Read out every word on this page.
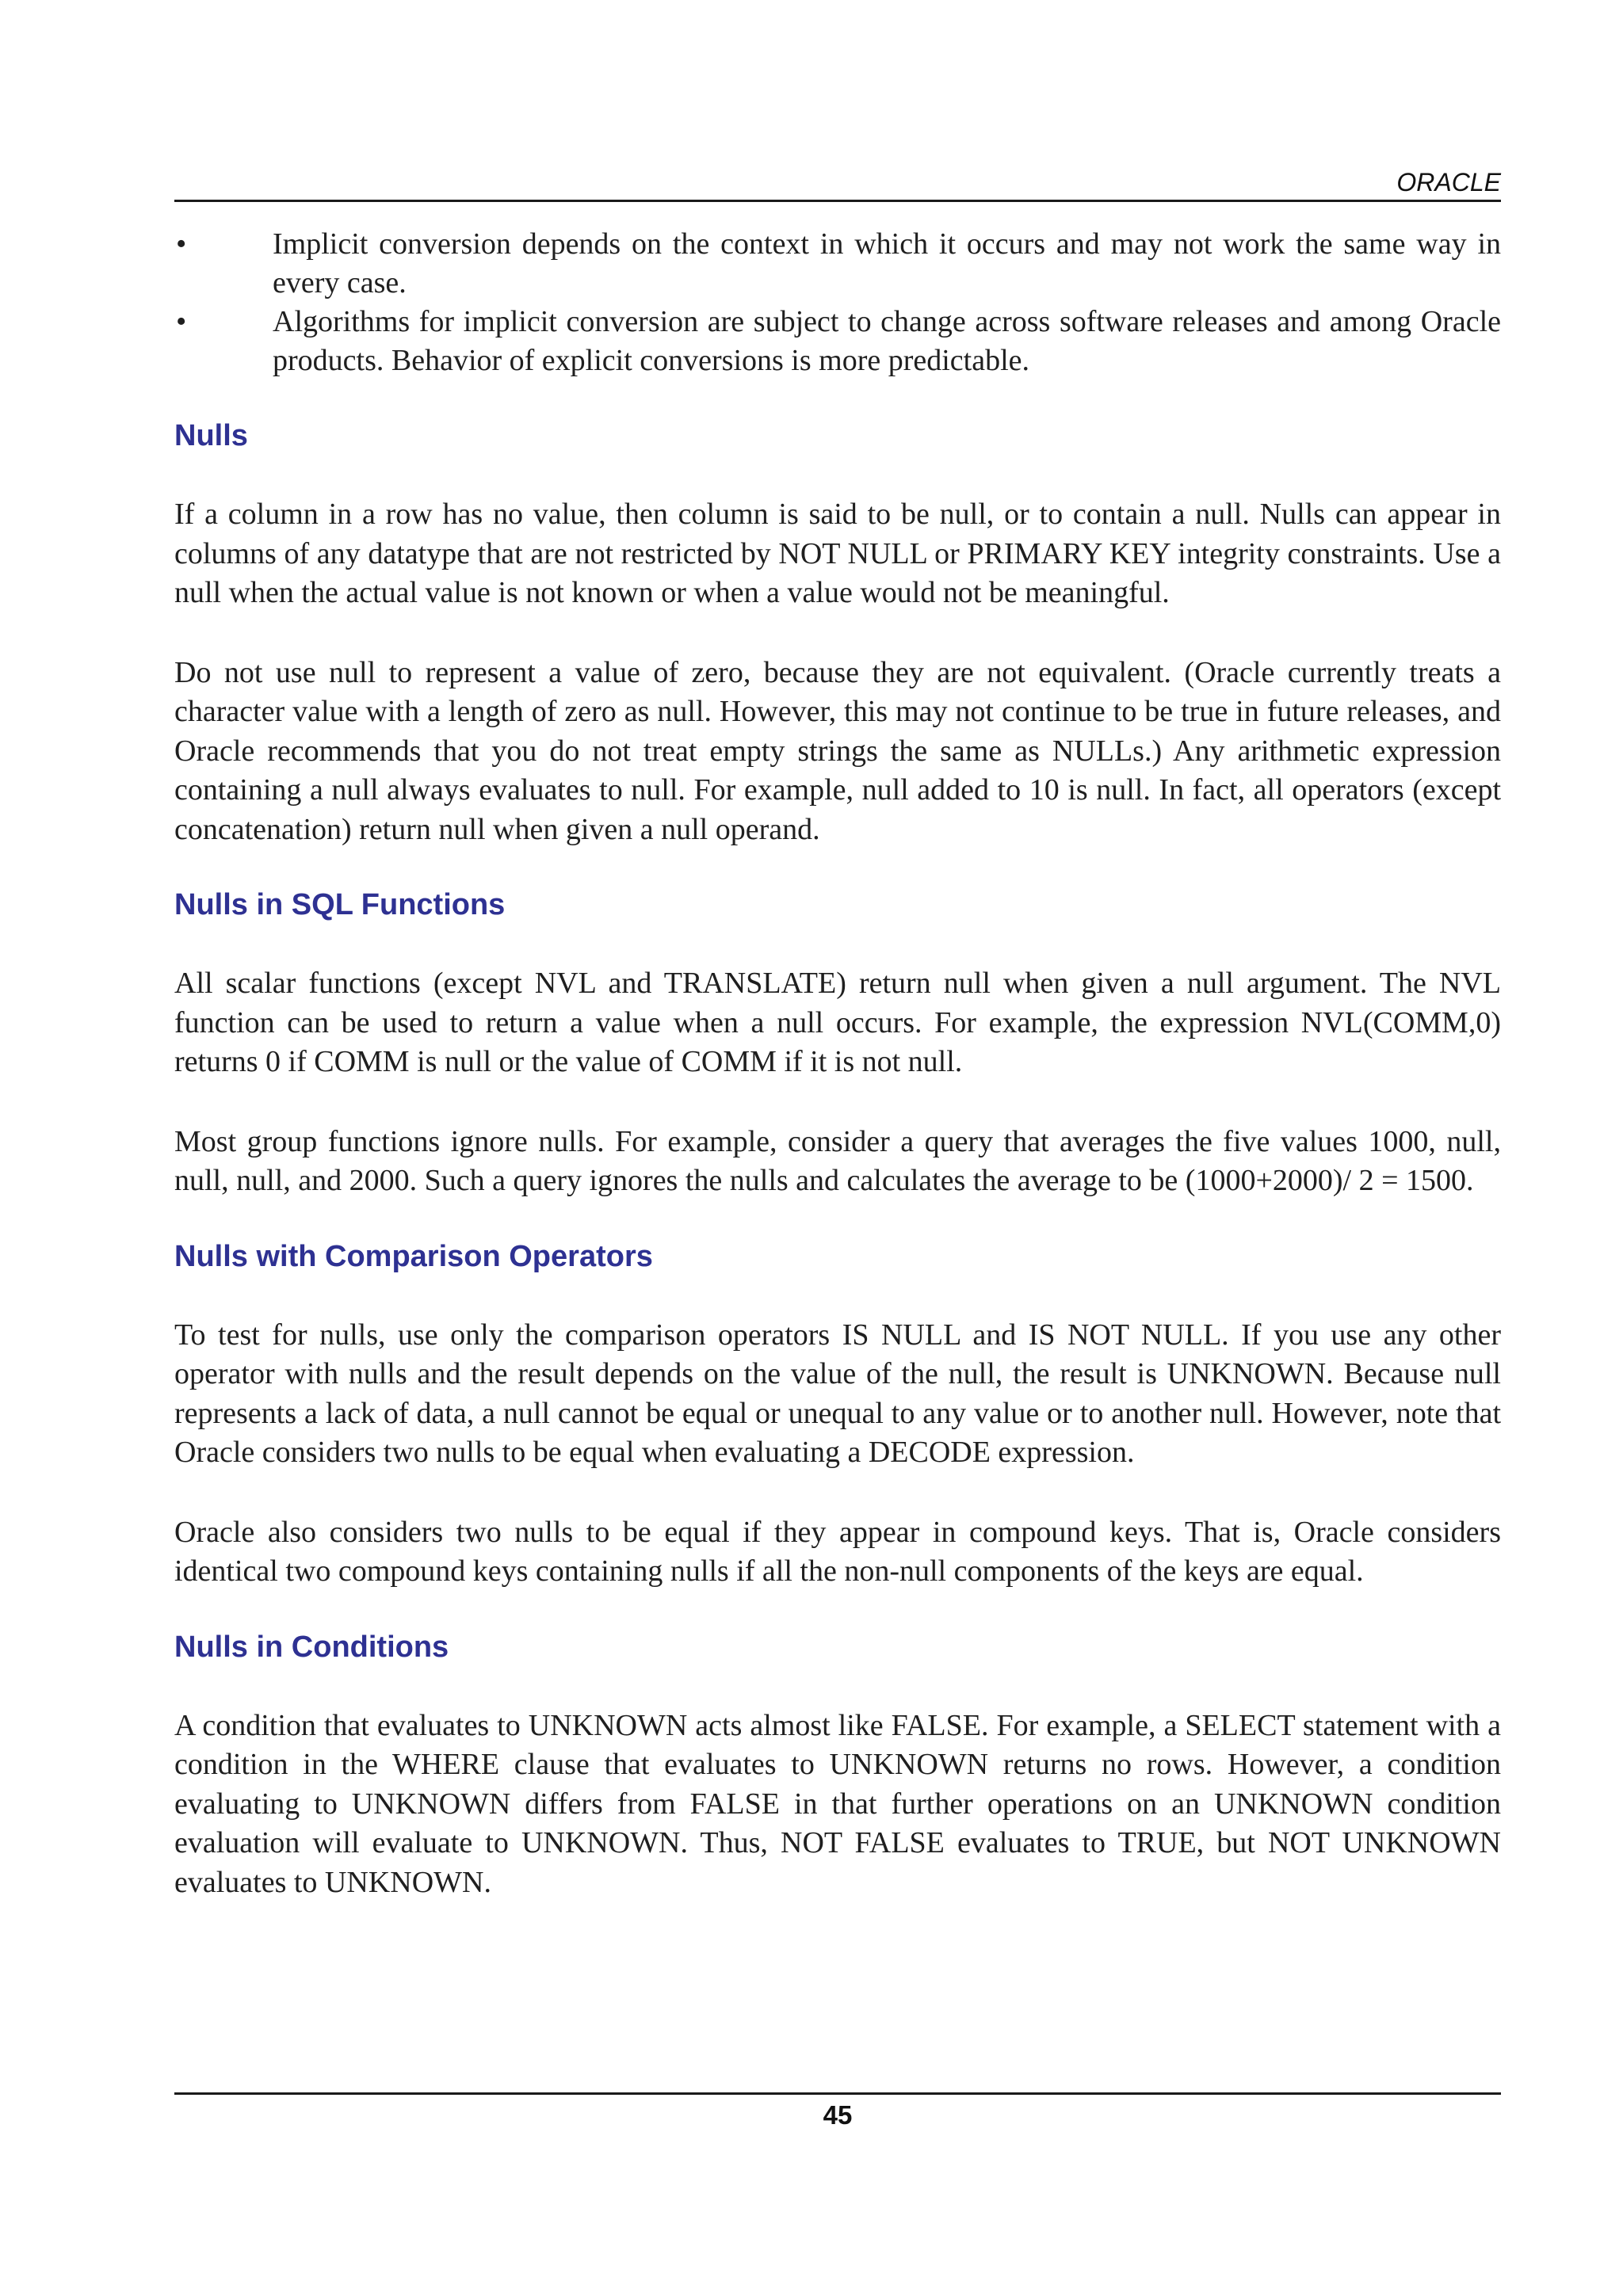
ORACLE
•	Implicit conversion depends on the context in which it occurs and may not work the same way in every case.
•	Algorithms for implicit conversion are subject to change across software releases and among Oracle products. Behavior of explicit conversions is more predictable.
Nulls

If a column in a row has no value, then column is said to be null, or to contain a null. Nulls can appear in columns of any datatype that are not restricted by NOT NULL or PRIMARY KEY integrity constraints. Use a null when the actual value is not known or when a value would not be meaningful.

Do not use null to represent a value of zero, because they are not equivalent. (Oracle currently treats a character value with a length of zero as null. However, this may not continue to be true in future releases, and Oracle recommends that you do not treat empty strings the same as NULLs.) Any arithmetic expression containing a null always evaluates to null. For example, null added to 10 is null. In fact, all operators (except concatenation) return null when given a null operand.

Nulls in SQL Functions

All scalar functions (except NVL and TRANSLATE) return null when given a null argument. The NVL function can be used to return a value when a null occurs. For example, the expression NVL(COMM,0) returns 0 if COMM is null or the value of COMM if it is not null.

Most group functions ignore nulls. For example, consider a query that averages the five values 1000, null, null, null, and 2000. Such a query ignores the nulls and calculates the average to be (1000+2000)/ 2 = 1500.

Nulls with Comparison Operators

To test for nulls, use only the comparison operators IS NULL and IS NOT NULL. If you use any other operator with nulls and the result depends on the value of the null, the result is UNKNOWN. Because null represents a lack of data, a null cannot be equal or unequal to any value or to another null. However, note that Oracle considers two nulls to be equal when evaluating a DECODE expression.

Oracle also considers two nulls to be equal if they appear in compound keys. That is, Oracle considers identical two compound keys containing nulls if all the non-null components of the keys are equal.

Nulls in Conditions

A condition that evaluates to UNKNOWN acts almost like FALSE. For example, a SELECT statement with a condition in the WHERE clause that evaluates to UNKNOWN returns no rows. However, a condition evaluating to UNKNOWN differs from FALSE in that further operations on an UNKNOWN condition evaluation will evaluate to UNKNOWN. Thus, NOT FALSE evaluates to TRUE, but NOT UNKNOWN evaluates to UNKNOWN.

45
